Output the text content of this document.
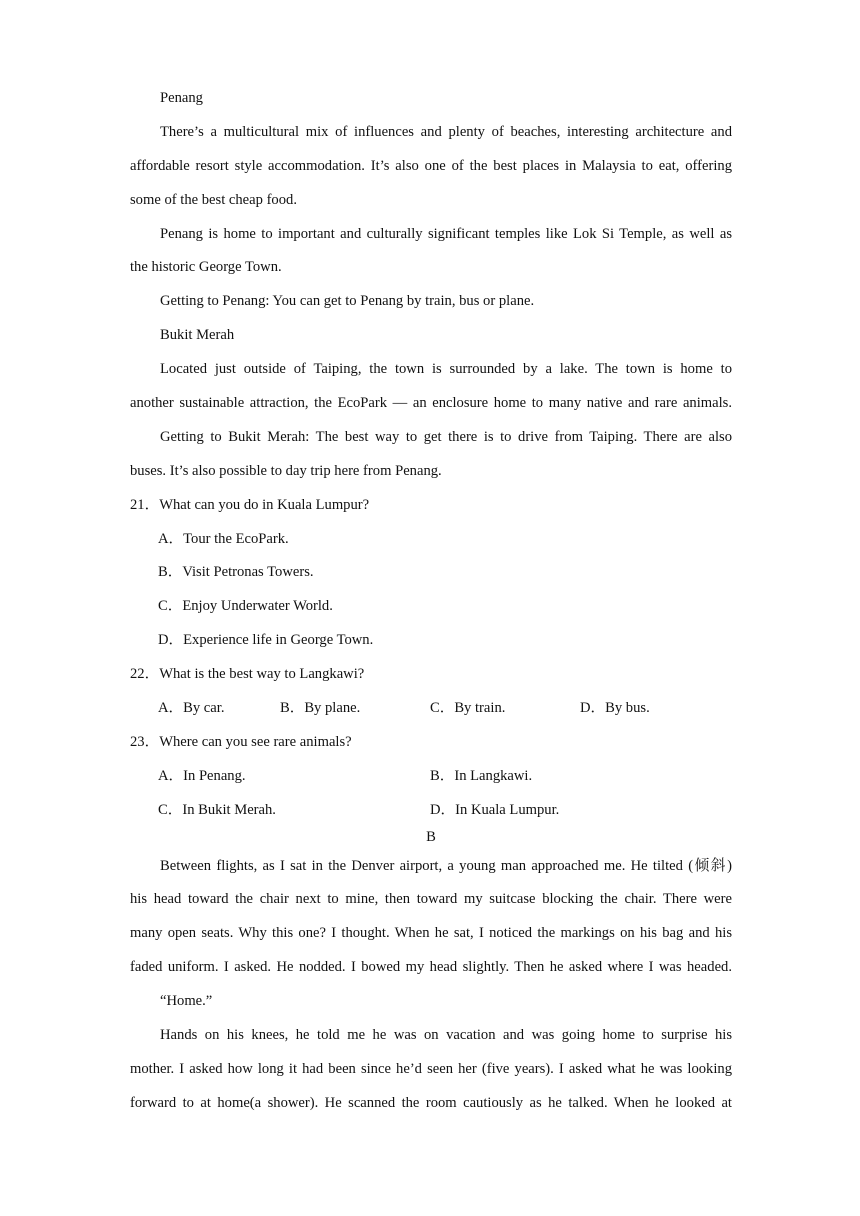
Penang
There’s a multicultural mix of influences and plenty of beaches, interesting architecture and
affordable resort style accommodation. It’s also one of the best places in Malaysia to eat, offering
some of the best cheap food.
Penang is home to important and culturally significant temples like Lok Si Temple, as well as
the historic George Town.
Getting to Penang: You can get to Penang by train, bus or plane.
Bukit Merah
Located just outside of Taiping, the town is surrounded by a lake. The town is home to
another sustainable attraction, the EcoPark — an enclosure home to many native and rare animals.
Getting to Bukit Merah: The best way to get there is to drive from Taiping. There are also
buses. It’s also possible to day trip here from Penang.
21．What can you do in Kuala Lumpur?
A．Tour the EcoPark.
B．Visit Petronas Towers.
C．Enjoy Underwater World.
D．Experience life in George Town.
22．What is the best way to Langkawi?
A．By car.	B．By plane.	C．By train.	D．By bus.
23．Where can you see rare animals?
A．In Penang.	B．In Langkawi.
C．In Bukit Merah.	D．In Kuala Lumpur.
B
Between flights, as I sat in the Denver airport, a young man approached me. He tilted (倾斜)
his head toward the chair next to mine, then toward my suitcase blocking the chair. There were
many open seats. Why this one? I thought. When he sat, I noticed the markings on his bag and his
faded uniform. I asked. He nodded. I bowed my head slightly. Then he asked where I was headed.
“Home.”
Hands on his knees, he told me he was on vacation and was going home to surprise his
mother. I asked how long it had been since he’d seen her (five years). I asked what he was looking
forward to at home(a shower). He scanned the room cautiously as he talked. When he looked at
